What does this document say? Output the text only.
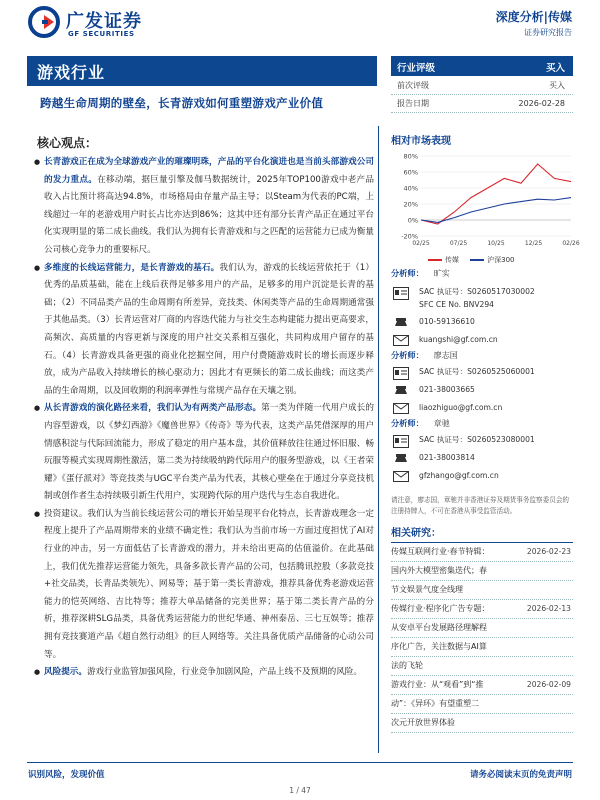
广发证券
GF SECURITIES
深度分析|传媒
证券研究报告
游戏行业
跨越生命周期的壁垒，长青游戏如何重塑游戏产业价值
行业评级	买入
前次评级	买入
报告日期	2026-02-28
核心观点：
● 长青游戏正在成为全球游戏产业的璀璨明珠，产品的平台化演进也是当前头部游戏公司的发力重点。在移动端，据巨量引擎及伽马数据统计，2025年TOP100游戏中老产品收入占比预计将高达94.8%，市场格局由存量产品主导；以Steam为代表的PC端，上线超过一年的老游戏用户时长占比亦达到86%；这其中还有部分长青产品正在通过平台化实现明显的第二成长曲线。我们认为拥有长青游戏和与之匹配的运营能力已成为衡量公司核心竞争力的重要标尺。
● 多维度的长线运营能力，是长青游戏的基石。我们认为，游戏的长线运营依托于（1）优秀的品质基础，能在上线后获得足够多用户的产品，足够多的用户沉淀是长青的基础；（2）不同品类产品的生命周期有所差异，竞技类、休闲类等产品的生命周期通常强于其他品类。（3）长青运营对厂商的内容迭代能力与社交生态构建能力提出更高要求，高频次、高质量的内容更新与深度的用户社交关系相互强化，共同构成用户留存的基石。（4）长青游戏具备更强的商业化挖掘空间，用户付费随游戏时长的增长而逐步释放，成为产品收入持续增长的核心驱动力；因此才有更频长的第二成长曲线；而这类产品的生命周期，以及回收期的利润率弹性与常规产品存在天壤之别。
● 从长青游戏的演化路径来看，我们认为有两类产品形态。第一类为伴随一代用户成长的内容型游戏，以《梦幻西游》《魔兽世界》《传奇》等为代表，这类产品凭借深厚的用户情感积淀与代际回流能力，形成了稳定的用户基本盘，其价值释放往往通过怀旧服、畅玩服等模式实现周期性激活，第二类为持续吸纳跨代际用户的服务型游戏，以《王者荣耀》《蛋仔派对》等竞技类与UGC平台类产品为代表，其核心壁垒在于通过分享竞技机制或创作者生态持续吸引新生代用户，实现跨代际的用户迭代与生态自我进化。
● 投资建议。我们认为当前长线运营公司的增长开始呈现平台化特点，长青游戏理念一定程度上提升了产品周期带来的业绩不确定性；我们认为当前市场一方面过度担忧了AI对行业的冲击，另一方面低估了长青游戏的潜力，并未给出更高的估值溢价。在此基础上，我们优先推荐运营能力领先，具备多款长青产品的公司，包括腾讯控股（多款竞技+社交品类，长青品类领先）、网易等；基于第一类长青游戏，推荐具备优秀老游戏运营能力的恺英网络、吉比特等；推荐大单品储备的完美世界；基于第二类长青产品的分析，推荐深耕SLG品类，具备优秀运营能力的世纪华通、神州泰岳、三七互娱等；推荐拥有竞技赛道产品《超自然行动组》的巨人网络等。关注具备优质产品储备的心动公司等。
● 风险提示。游戏行业监管加强风险，行业竞争加剧风险，产品上线不及预期的风险。
相对市场表现
80%
60%
40%
20%
0%
-20%
02/25	07/25	10/25	12/25	02/26
传媒	沪深300
分析师： 旷实
SAC 执证号：S0260517030002
SFC CE No. BNV294
010-59136610
kuangshi@gf.com.cn
分析师： 廖志国
SAC 执证号：S0260525060001
021-38003665
liaozhiguo@gf.com.cn
分析师： 章驰
SAC 执证号：S0260523080001
021-38003814
gfzhango@gf.com.cn
请注意，廖志国，章驰并非香港证券及期货事务监察委员会的注册持牌人，不可在香港从事受监管活动。
相关研究：
传媒互联网行业·春节特辑：	2026-02-23
国内外大模型密集迭代；春
节文娱景气度全线理
传媒行业·程序化广告专题：	2026-02-13
从安卓平台发展路径理解程
序化广告，关注数据与AI算
法的飞轮
游戏行业：从“观看”到“推	2026-02-09
动”：《异环》有望重塑二
次元开放世界体验
识别风险，发现价值	请务必阅读末页的免责声明
1 / 47
